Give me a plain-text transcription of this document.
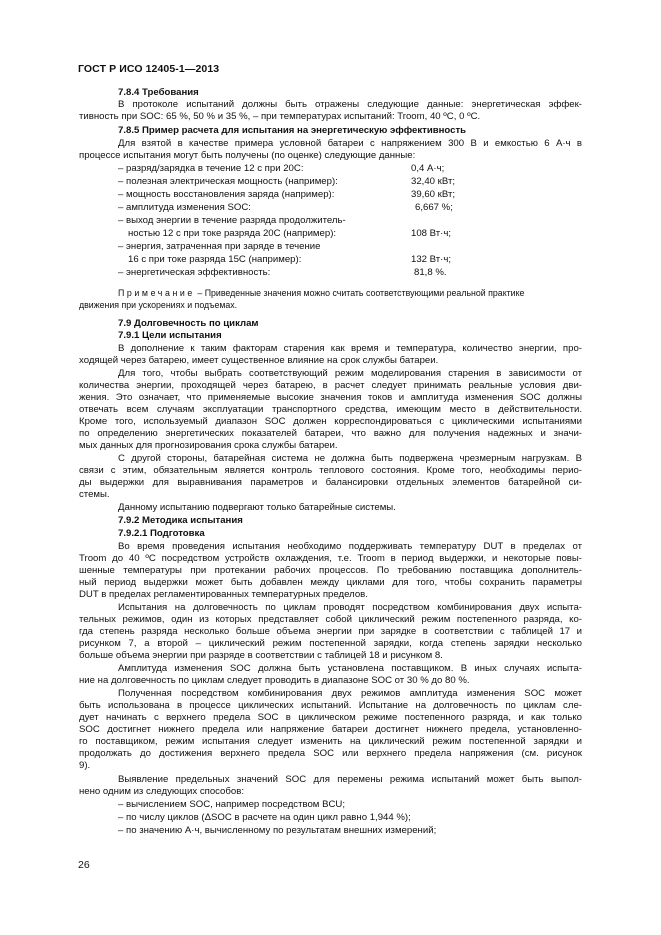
ГОСТ Р ИСО 12405-1—2013
7.8.4 Требования
В протоколе испытаний должны быть отражены следующие данные: энергетическая эффек-
тивность при SOC: 65 %, 50 % и 35 %, – при температурах испытаний: Troom, 40 ºC, 0 ºC.
7.8.5 Пример расчета для испытания на энергетическую эффективность
Для взятой в качестве примера условной батареи с напряжением 300 В и емкостью 6 А·ч в
процессе испытания могут быть получены (по оценке) следующие данные:
– разряд/зарядка в течение 12 с при 20C:	0,4 А·ч;
– полезная электрическая мощность (например):	32,40 кВт;
– мощность восстановления заряда (например):	39,60 кВт;
– амплитуда изменения SOC:	6,667 %;
– выход энергии в течение разряда продолжитель-
ностью 12 с при токе разряда 20C (например):	108 Вт·ч;
– энергия, затраченная при заряде в течение
16 с при токе разряда 15C (например):	132 Вт·ч;
– энергетическая эффективность:	81,8 %.
Примечание – Приведенные значения можно считать соответствующими реальной практике
движения при ускорениях и подъемах.
7.9 Долговечность по циклам
7.9.1 Цели испытания
В дополнение к таким факторам старения как время и температура, количество энергии, про-
ходящей через батарею, имеет существенное влияние на срок службы батареи.
Для того, чтобы выбрать соответствующий режим моделирования старения в зависимости от
количества энергии, проходящей через батарею, в расчет следует принимать реальные условия дви-
жения. Это означает, что применяемые высокие значения токов и амплитуда изменения SOC должны
отвечать всем случаям эксплуатации транспортного средства, имеющим место в действительности.
Кроме того, используемый диапазон SOC должен корреспондироваться с циклическими испытаниями
по определению энергетических показателей батареи, что важно для получения надежных и значи-
мых данных для прогнозирования срока службы батареи.
С другой стороны, батарейная система не должна быть подвержена чрезмерным нагрузкам. В
связи с этим, обязательным является контроль теплового состояния. Кроме того, необходимы перио-
ды выдержки для выравнивания параметров и балансировки отдельных элементов батарейной си-
стемы.
Данному испытанию подвергают только батарейные системы.
7.9.2 Методика испытания
7.9.2.1 Подготовка
Во время проведения испытания необходимо поддерживать температуру DUT в пределах от
Troom до 40 ºC посредством устройств охлаждения, т.е. Troom в период выдержки, и некоторые повы-
шенные температуры при протекании рабочих процессов. По требованию поставщика дополнитель-
ный период выдержки может быть добавлен между циклами для того, чтобы сохранить параметры
DUT в пределах регламентированных температурных пределов.
Испытания на долговечность по циклам проводят посредством комбинирования двух испыта-
тельных режимов, один из которых представляет собой циклический режим постепенного разряда, ко-
гда степень разряда несколько больше объема энергии при зарядке в соответствии с таблицей 17 и
рисунком 7, а второй – циклический режим постепенной зарядки, когда степень зарядки несколько
больше объема энергии при разряде в соответствии с таблицей 18 и рисунком 8.
Амплитуда изменения SOC должна быть установлена поставщиком. В иных случаях испыта-
ние на долговечность по циклам следует проводить в диапазоне SOC от 30 % до 80 %.
Полученная посредством комбинирования двух режимов амплитуда изменения SOC может
быть использована в процессе циклических испытаний. Испытание на долговечность по циклам сле-
дует начинать с верхнего предела SOC в циклическом режиме постепенного разряда, и как только
SOC достигнет нижнего предела или напряжение батареи достигнет нижнего предела, установленно-
го поставщиком, режим испытания следует изменить на циклический режим постепенной зарядки и
продолжать до достижения верхнего предела SOC или верхнего предела напряжения (см. рисунок
9).
Выявление предельных значений SOC для перемены режима испытаний может быть выпол-
нено одним из следующих способов:
– вычислением SOC, например посредством BCU;
– по числу циклов (ΔSOC в расчете на один цикл равно 1,944 %);
– по значению А·ч, вычисленному по результатам внешних измерений;
26
